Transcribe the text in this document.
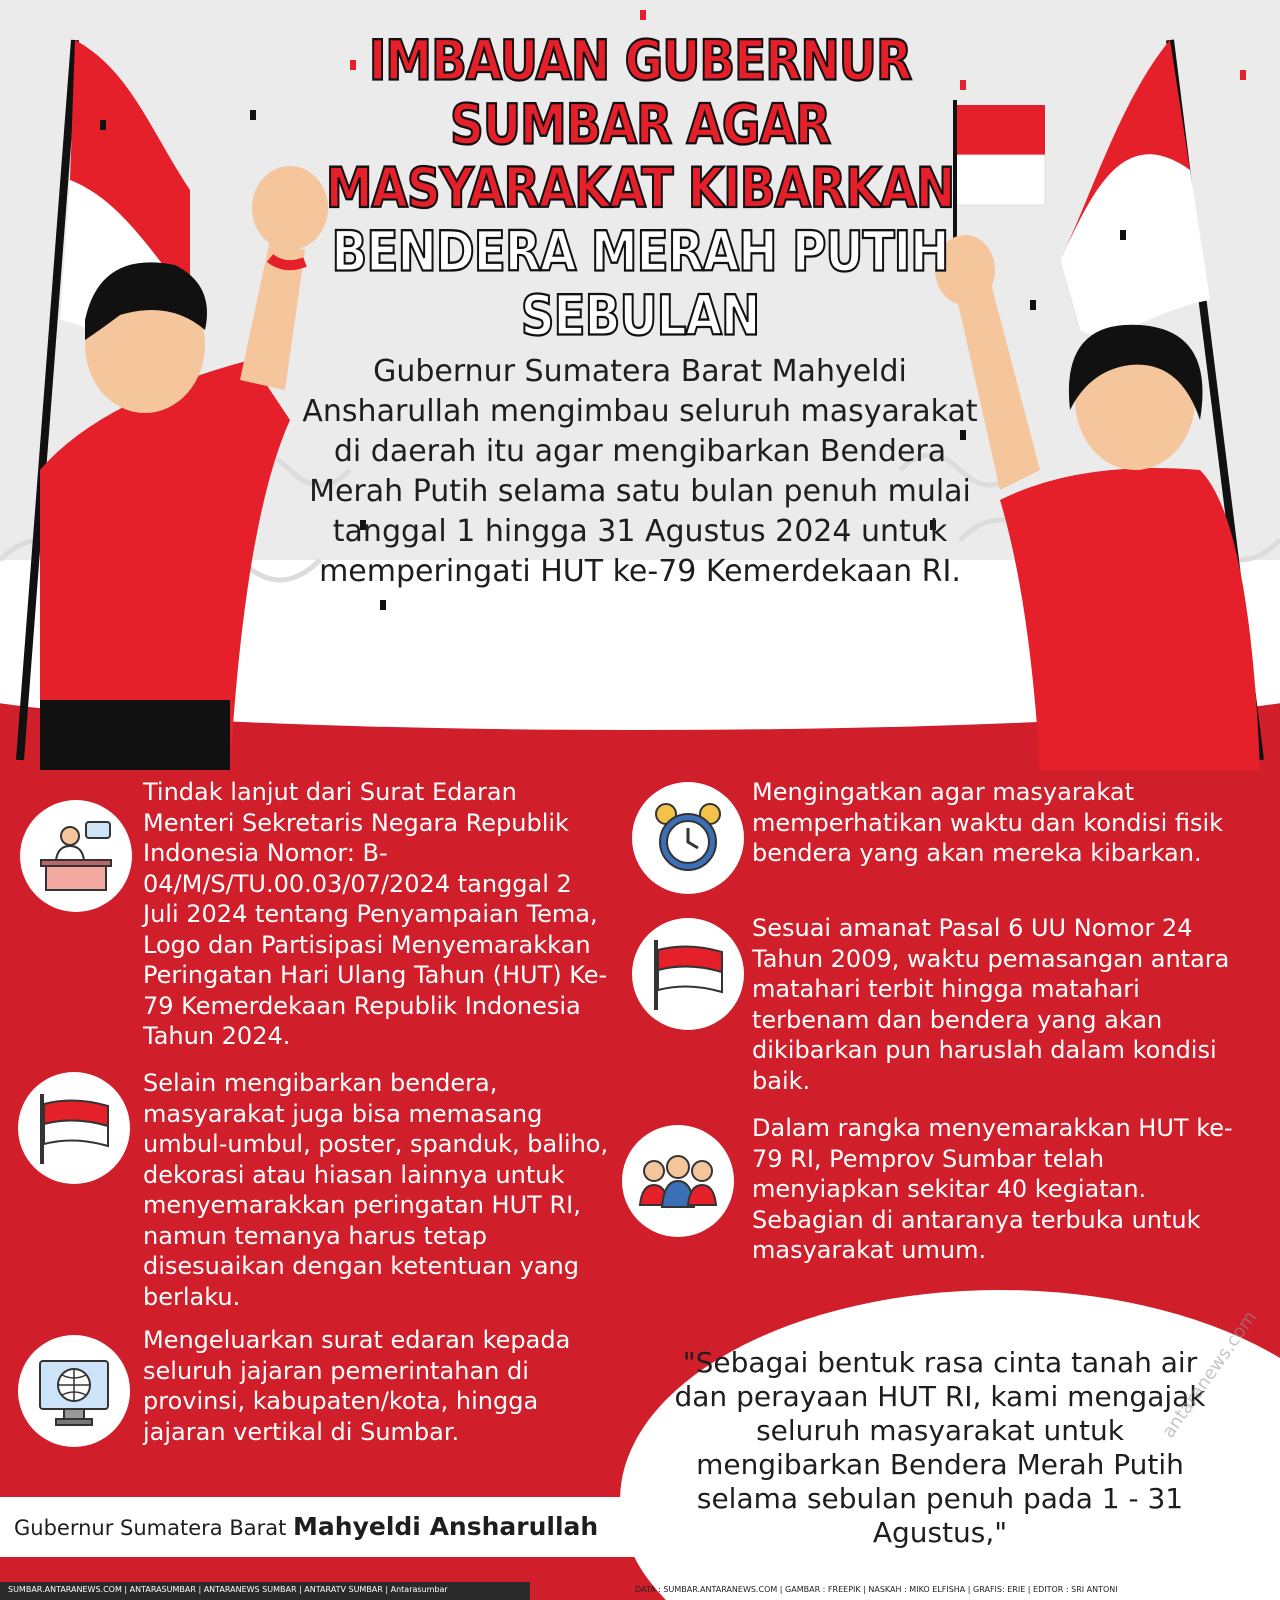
IMBAUAN GUBERNUR
SUMBAR AGAR
MASYARAKAT KIBARKAN
BENDERA MERAH PUTIH
SEBULAN
Gubernur Sumatera Barat Mahyeldi Ansharullah mengimbau seluruh masyarakat di daerah itu agar mengibarkan Bendera Merah Putih selama satu bulan penuh mulai tanggal 1 hingga 31 Agustus 2024 untuk memperingati HUT ke-79 Kemerdekaan RI.
Tindak lanjut dari Surat Edaran Menteri Sekretaris Negara Republik Indonesia Nomor: B-04/M/S/TU.00.03/07/2024 tanggal 2 Juli 2024 tentang Penyampaian Tema, Logo dan Partisipasi Menyemarakkan Peringatan Hari Ulang Tahun (HUT) Ke-79 Kemerdekaan Republik Indonesia Tahun 2024.
Selain mengibarkan bendera, masyarakat juga bisa memasang umbul-umbul, poster, spanduk, baliho, dekorasi atau hiasan lainnya untuk menyemarakkan peringatan HUT RI, namun temanya harus tetap disesuaikan dengan ketentuan yang berlaku.
Mengeluarkan surat edaran kepada seluruh jajaran pemerintahan di provinsi, kabupaten/kota, hingga jajaran vertikal di Sumbar.
Mengingatkan agar masyarakat memperhatikan waktu dan kondisi fisik bendera yang akan mereka kibarkan.
Sesuai amanat Pasal 6 UU Nomor 24 Tahun 2009, waktu pemasangan antara matahari terbit hingga matahari terbenam dan bendera yang akan dikibarkan pun haruslah dalam kondisi baik.
Dalam rangka menyemarakkan HUT ke-79 RI, Pemprov Sumbar telah menyiapkan sekitar 40 kegiatan. Sebagian di antaranya terbuka untuk masyarakat umum.
"Sebagai bentuk rasa cinta tanah air dan perayaan HUT RI, kami mengajak seluruh masyarakat untuk mengibarkan Bendera Merah Putih selama sebulan penuh pada 1 - 31 Agustus,"
Gubernur Sumatera Barat Mahyeldi Ansharullah
SUMBAR.ANTARANEWS.COM | ANTARASUMBAR | ANTARANEWS SUMBAR | ANTARATV SUMBAR | Antarasumbar	DATA : SUMBAR.ANTARANEWS.COM | GAMBAR : FREEPIK | NASKAH : MIKO ELFISHA | GRAFIS: ERIE | EDITOR : SRI ANTONI
antaranews.com
